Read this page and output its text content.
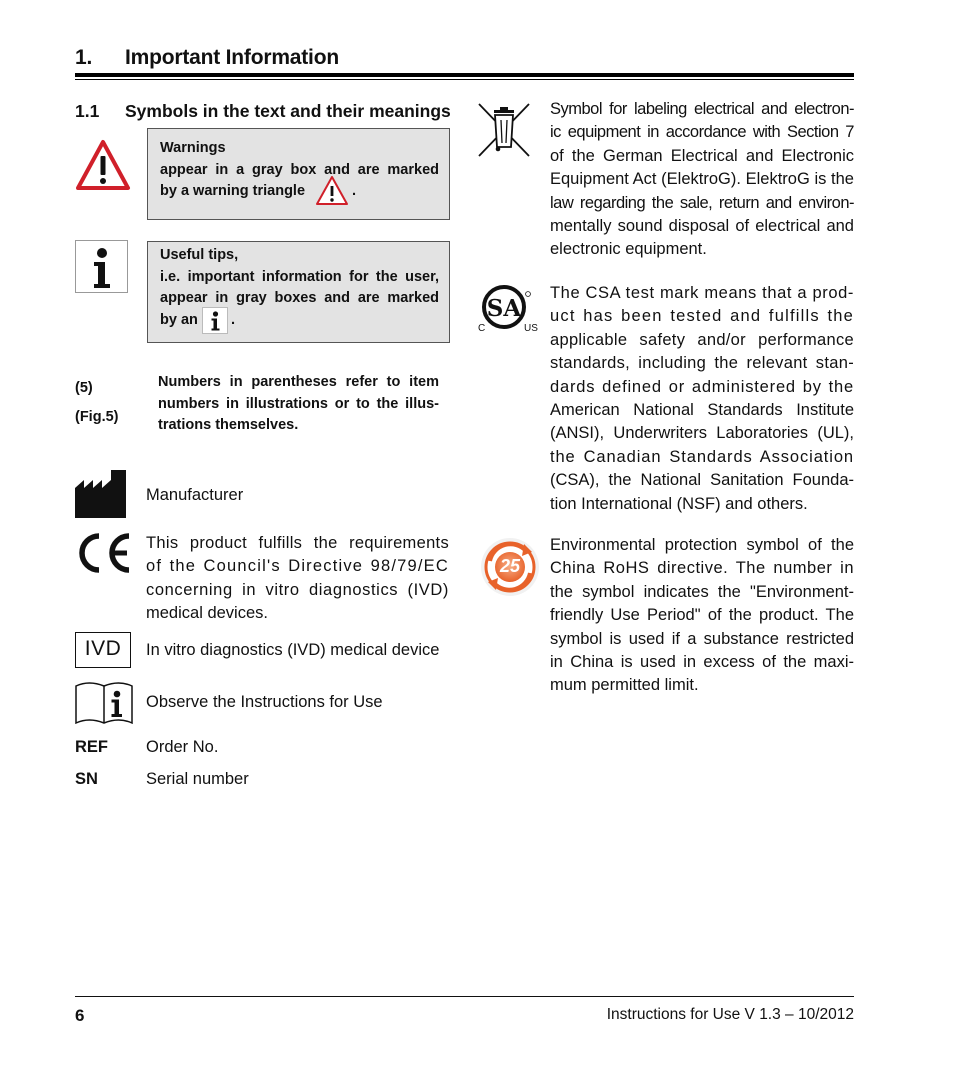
1. Important Information
1.1 Symbols in the text and their meanings
Warnings
appear in a gray box and are marked
by a warning triangle	.
Useful tips,
i.e. important information for the user,
appear in gray boxes and are marked
by an .
(5)
(Fig.5)
Numbers in parentheses refer to item
numbers in illustrations or to the illus-
trations themselves.
Manufacturer
This product fulfills the requirements
of the Council's Directive 98/79/EC
concerning in vitro diagnostics (IVD)
medical devices.
IVD	In vitro diagnostics (IVD) medical device
Observe the Instructions for Use
REF Order No.
SN	Serial number
Symbol for labeling electrical and electron-
ic equipment in accordance with Section 7
of the German Electrical and Electronic
Equipment Act (ElektroG). ElektroG is the
law regarding the sale, return and environ-
mentally sound disposal of electrical and
electronic equipment.
SA
C	US
The CSA test mark means that a prod-
uct has been tested and fulfills the
applicable safety and/or performance
standards, including the relevant stan-
dards defined or administered by the
American National Standards Institute
(ANSI), Underwriters Laboratories (UL),
the Canadian Standards Association
(CSA), the National Sanitation Founda-
tion International (NSF) and others.
25
Environmental protection symbol of the
China RoHS directive. The number in
the symbol indicates the "Environment-
friendly Use Period" of the product. The
symbol is used if a substance restricted
in China is used in excess of the maxi-
mum permitted limit.
6	Instructions for Use V 1.3 – 10/2012
